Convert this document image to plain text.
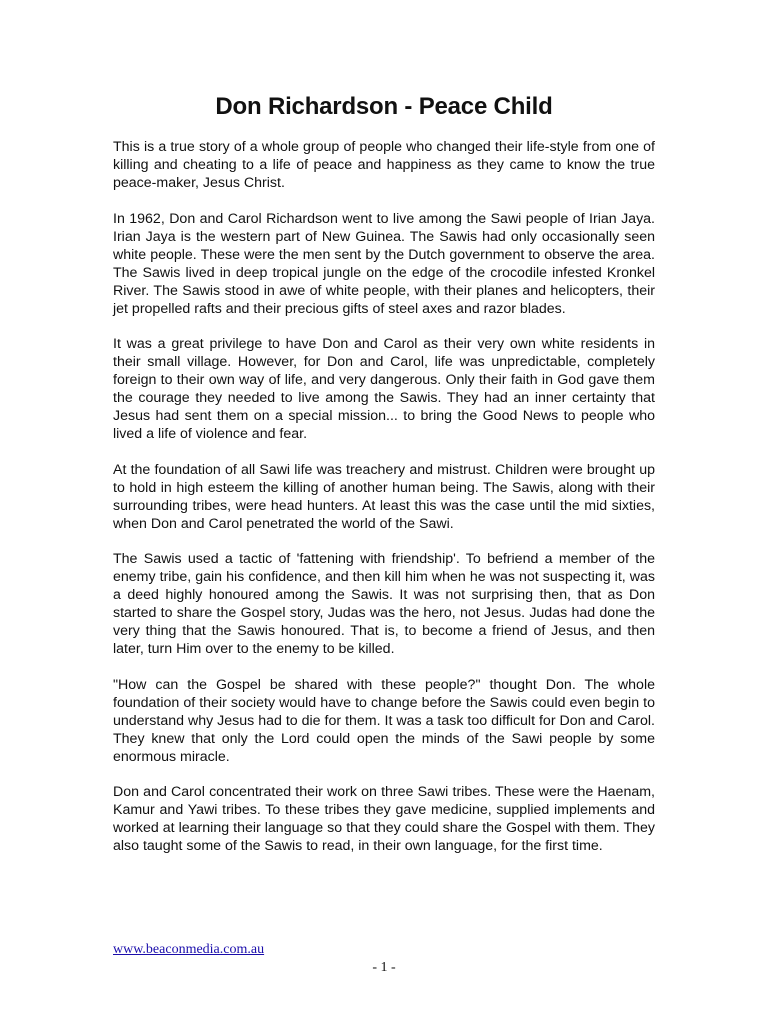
Don Richardson - Peace Child

This is a true story of a whole group of people who changed their life-style from one of killing and cheating to a life of peace and happiness as they came to know the true peace-maker, Jesus Christ.

In 1962, Don and Carol Richardson went to live among the Sawi people of Irian Jaya. Irian Jaya is the western part of New Guinea. The Sawis had only occasionally seen white people. These were the men sent by the Dutch government to observe the area. The Sawis lived in deep tropical jungle on the edge of the crocodile infested Kronkel River. The Sawis stood in awe of white people, with their planes and helicopters, their jet propelled rafts and their precious gifts of steel axes and razor blades.

It was a great privilege to have Don and Carol as their very own white residents in their small village. However, for Don and Carol, life was unpredictable, completely foreign to their own way of life, and very dangerous. Only their faith in God gave them the courage they needed to live among the Sawis. They had an inner certainty that Jesus had sent them on a special mission... to bring the Good News to people who lived a life of violence and fear.

At the foundation of all Sawi life was treachery and mistrust. Children were brought up to hold in high esteem the killing of another human being. The Sawis, along with their surrounding tribes, were head hunters. At least this was the case until the mid sixties, when Don and Carol penetrated the world of the Sawi.

The Sawis used a tactic of 'fattening with friendship'. To befriend a member of the enemy tribe, gain his confidence, and then kill him when he was not suspecting it, was a deed highly honoured among the Sawis. It was not surprising then, that as Don started to share the Gospel story, Judas was the hero, not Jesus. Judas had done the very thing that the Sawis honoured. That is, to become a friend of Jesus, and then later, turn Him over to the enemy to be killed.

"How can the Gospel be shared with these people?" thought Don. The whole foundation of their society would have to change before the Sawis could even begin to understand why Jesus had to die for them. It was a task too difficult for Don and Carol. They knew that only the Lord could open the minds of the Sawi people by some enormous miracle.

Don and Carol concentrated their work on three Sawi tribes. These were the Haenam, Kamur and Yawi tribes. To these tribes they gave medicine, supplied implements and worked at learning their language so that they could share the Gospel with them. They also taught some of the Sawis to read, in their own language, for the first time.

www.beaconmedia.com.au
- 1 -
